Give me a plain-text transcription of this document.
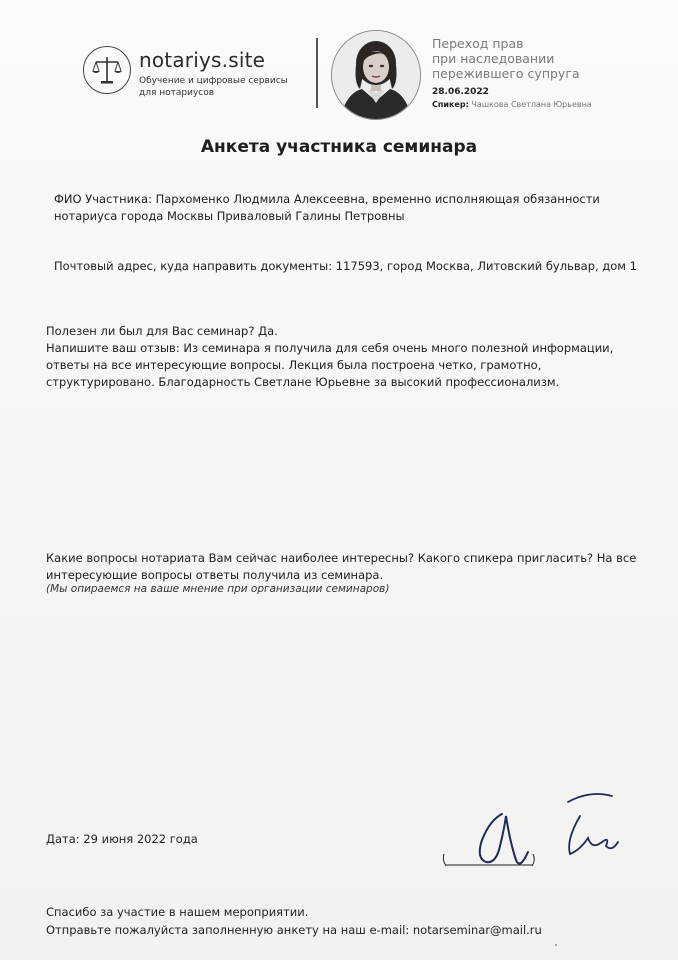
notariys.site
Обучение и цифровые сервисы
для нотариусов
Переход прав
при наследовании
пережившего супруга
28.06.2022
Спикер: Чашкова Светлана Юрьевна
Анкета участника семинара
ФИО Участника: Пархоменко Людмила Алексеевна, временно исполняющая обязанности нотариуса города Москвы Приваловый Галины Петровны
Почтовый адрес, куда направить документы: 117593, город Москва, Литовский бульвар, дом 1
Полезен ли был для Вас семинар? Да.
Напишите ваш отзыв: Из семинара я получила для себя очень много полезной информации, ответы на все интересующие вопросы. Лекция была построена четко, грамотно, структурировано. Благодарность Светлане Юрьевне за высокий профессионализм.
Какие вопросы нотариата Вам сейчас наиболее интересны? Какого спикера пригласить? На все интересующие вопросы ответы получила из семинара.
(Мы опираемся на ваше мнение при организации семинаров)
Дата: 29 июня 2022 года
Спасибо за участие в нашем мероприятии.
Отправьте пожалуйста заполненную анкету на наш e-mail: notarseminar@mail.ru
